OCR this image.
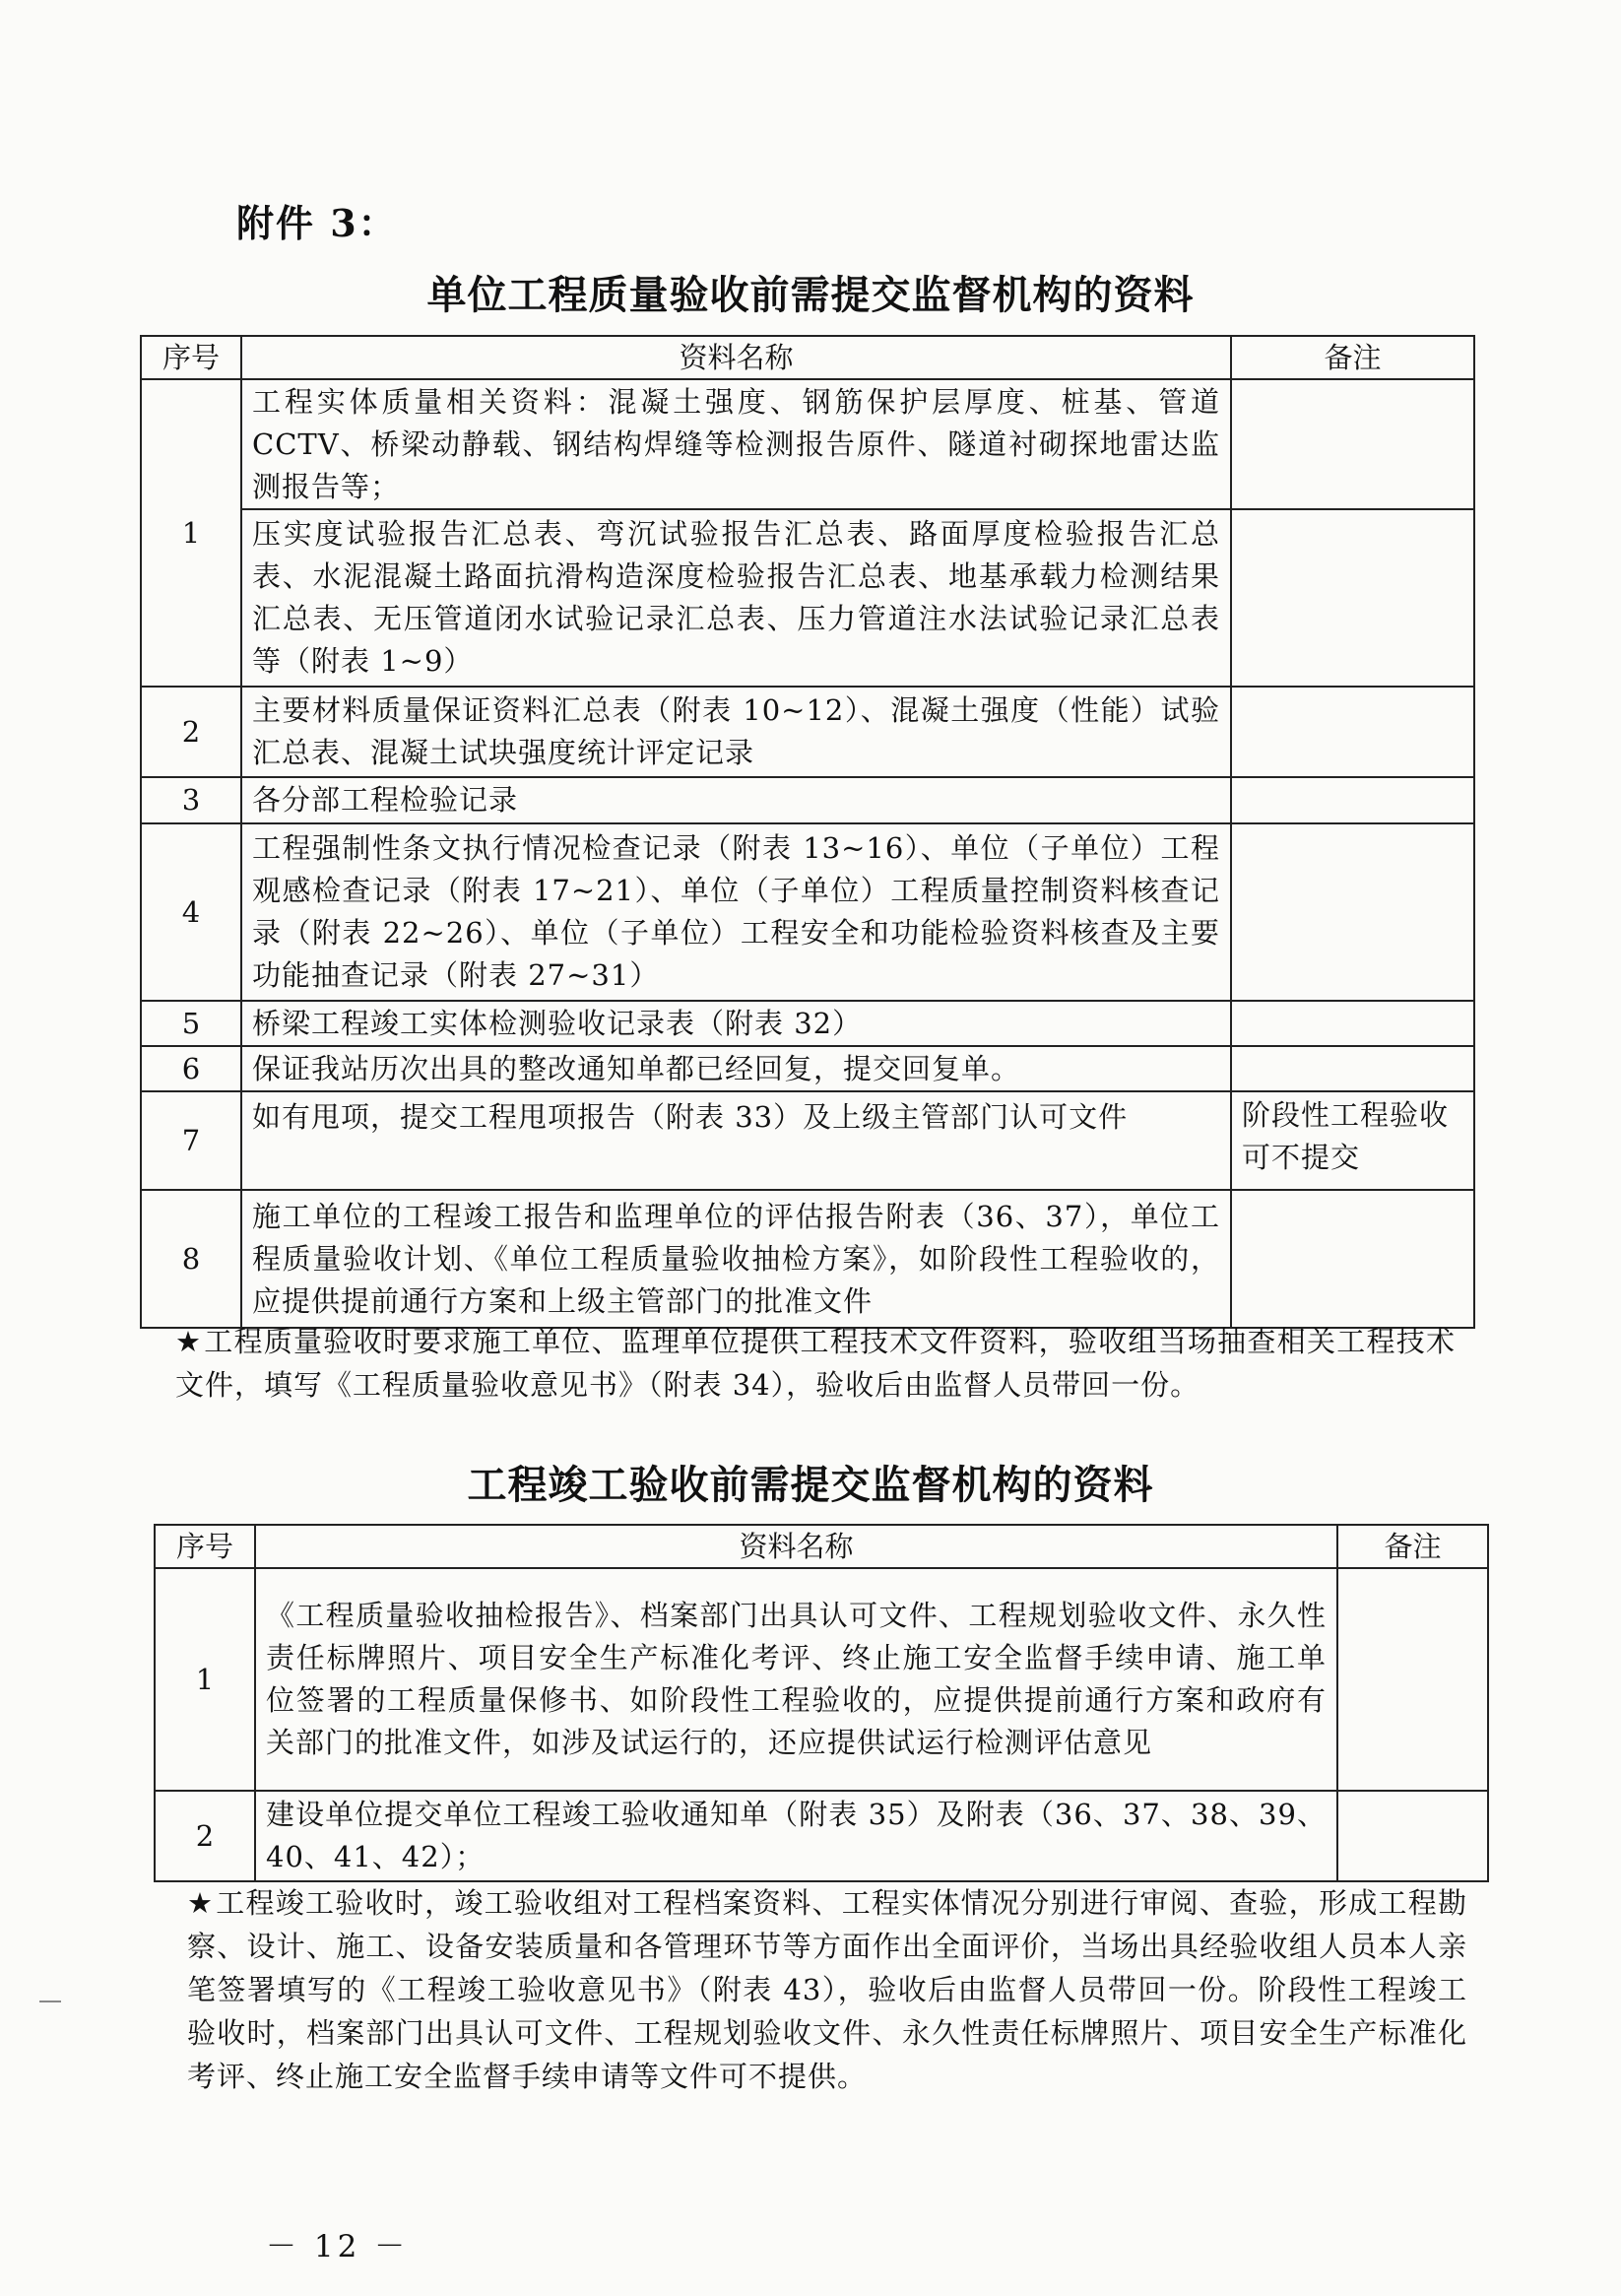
附件 3：
单位工程质量验收前需提交监督机构的资料
序号	资料名称	备注
1	工程实体质量相关资料：混凝土强度、钢筋保护层厚度、桩基、管道 CCTV、桥梁动静载、钢结构焊缝等检测报告原件、隧道衬砌探地雷达监测报告等；	
	压实度试验报告汇总表、弯沉试验报告汇总表、路面厚度检验报告汇总表、水泥混凝土路面抗滑构造深度检验报告汇总表、地基承载力检测结果汇总表、无压管道闭水试验记录汇总表、压力管道注水法试验记录汇总表等（附表 1~9）	
2	主要材料质量保证资料汇总表（附表 10~12）、混凝土强度（性能）试验汇总表、混凝土试块强度统计评定记录	
3	各分部工程检验记录	
4	工程强制性条文执行情况检查记录（附表 13~16）、单位（子单位）工程观感检查记录（附表 17~21）、单位（子单位）工程质量控制资料核查记录（附表 22~26）、单位（子单位）工程安全和功能检验资料核查及主要功能抽查记录（附表 27~31）	
5	桥梁工程竣工实体检测验收记录表（附表 32）	
6	保证我站历次出具的整改通知单都已经回复，提交回复单。	
7	如有甩项，提交工程甩项报告（附表 33）及上级主管部门认可文件	阶段性工程验收可不提交
8	施工单位的工程竣工报告和监理单位的评估报告附表（36、37），单位工程质量验收计划、《单位工程质量验收抽检方案》，如阶段性工程验收的，应提供提前通行方案和上级主管部门的批准文件	
★工程质量验收时要求施工单位、监理单位提供工程技术文件资料，验收组当场抽查相关工程技术文件，填写《工程质量验收意见书》（附表 34），验收后由监督人员带回一份。
工程竣工验收前需提交监督机构的资料
序号	资料名称	备注
1	《工程质量验收抽检报告》、档案部门出具认可文件、工程规划验收文件、永久性责任标牌照片、项目安全生产标准化考评、终止施工安全监督手续申请、施工单位签署的工程质量保修书、如阶段性工程验收的，应提供提前通行方案和政府有关部门的批准文件，如涉及试运行的，还应提供试运行检测评估意见	
2	建设单位提交单位工程竣工验收通知单（附表 35）及附表（36、37、38、39、40、41、42）；	
★工程竣工验收时，竣工验收组对工程档案资料、工程实体情况分别进行审阅、查验，形成工程勘察、设计、施工、设备安装质量和各管理环节等方面作出全面评价，当场出具经验收组人员本人亲笔签署填写的《工程竣工验收意见书》（附表 43），验收后由监督人员带回一份。阶段性工程竣工验收时，档案部门出具认可文件、工程规划验收文件、永久性责任标牌照片、项目安全生产标准化考评、终止施工安全监督手续申请等文件可不提供。
－ 12 －
